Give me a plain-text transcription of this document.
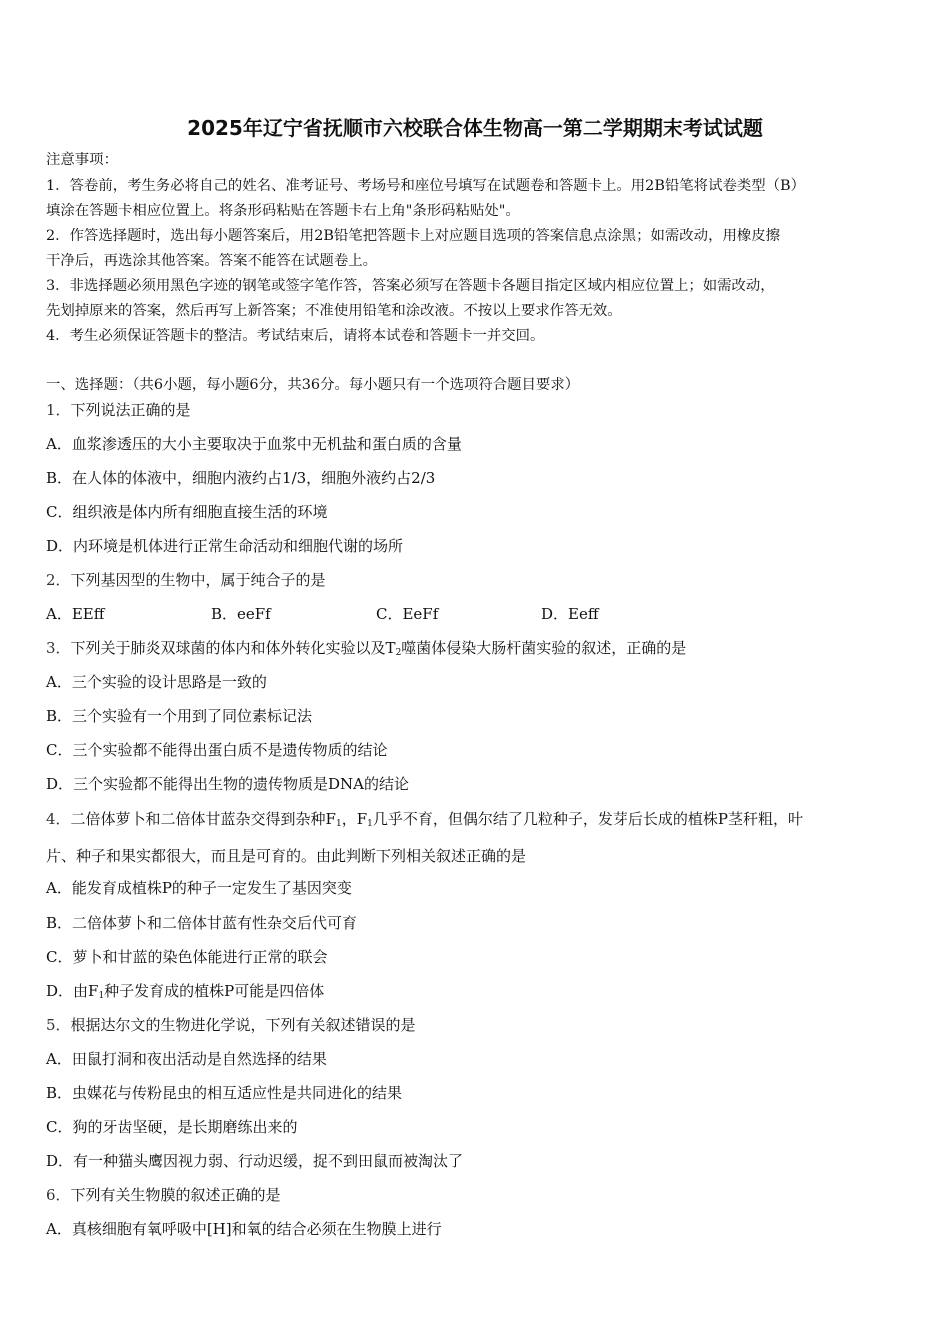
2025年辽宁省抚顺市六校联合体生物高一第二学期期末考试试题
注意事项：
1．答卷前，考生务必将自己的姓名、准考证号、考场号和座位号填写在试题卷和答题卡上。用2B铅笔将试卷类型（B）
填涂在答题卡相应位置上。将条形码粘贴在答题卡右上角"条形码粘贴处"。
2．作答选择题时，选出每小题答案后，用2B铅笔把答题卡上对应题目选项的答案信息点涂黑；如需改动，用橡皮擦
干净后，再选涂其他答案。答案不能答在试题卷上。
3．非选择题必须用黑色字迹的钢笔或签字笔作答，答案必须写在答题卡各题目指定区域内相应位置上；如需改动，
先划掉原来的答案，然后再写上新答案；不准使用铅笔和涂改液。不按以上要求作答无效。
4．考生必须保证答题卡的整洁。考试结束后，请将本试卷和答题卡一并交回。
一、选择题：（共6小题，每小题6分，共36分。每小题只有一个选项符合题目要求）
1．下列说法正确的是
A．血浆渗透压的大小主要取决于血浆中无机盐和蛋白质的含量
B．在人体的体液中，细胞内液约占1/3，细胞外液约占2/3
C．组织液是体内所有细胞直接生活的环境
D．内环境是机体进行正常生命活动和细胞代谢的场所
2．下列基因型的生物中，属于纯合子的是
A．EEff	B．eeFf	C．EeFf	D．Eeff
3．下列关于肺炎双球菌的体内和体外转化实验以及$T_2$噬菌体侵染大肠杆菌实验的叙述，正确的是
A．三个实验的设计思路是一致的
B．三个实验有一个用到了同位素标记法
C．三个实验都不能得出蛋白质不是遗传物质的结论
D．三个实验都不能得出生物的遗传物质是DNA的结论
4．二倍体萝卜和二倍体甘蓝杂交得到杂种$F_1$，$F_1$几乎不育，但偶尔结了几粒种子，发芽后长成的植株P茎秆粗，叶
片、种子和果实都很大，而且是可育的。由此判断下列相关叙述正确的是
A．能发育成植株P的种子一定发生了基因突变
B．二倍体萝卜和二倍体甘蓝有性杂交后代可育
C．萝卜和甘蓝的染色体能进行正常的联会
D．由$F_1$种子发育成的植株P可能是四倍体
5．根据达尔文的生物进化学说，下列有关叙述错误的是
A．田鼠打洞和夜出活动是自然选择的结果
B．虫媒花与传粉昆虫的相互适应性是共同进化的结果
C．狗的牙齿坚硬，是长期磨练出来的
D．有一种猫头鹰因视力弱、行动迟缓，捉不到田鼠而被淘汰了
6．下列有关生物膜的叙述正确的是
A．真核细胞有氧呼吸中[H]和氧的结合必须在生物膜上进行
